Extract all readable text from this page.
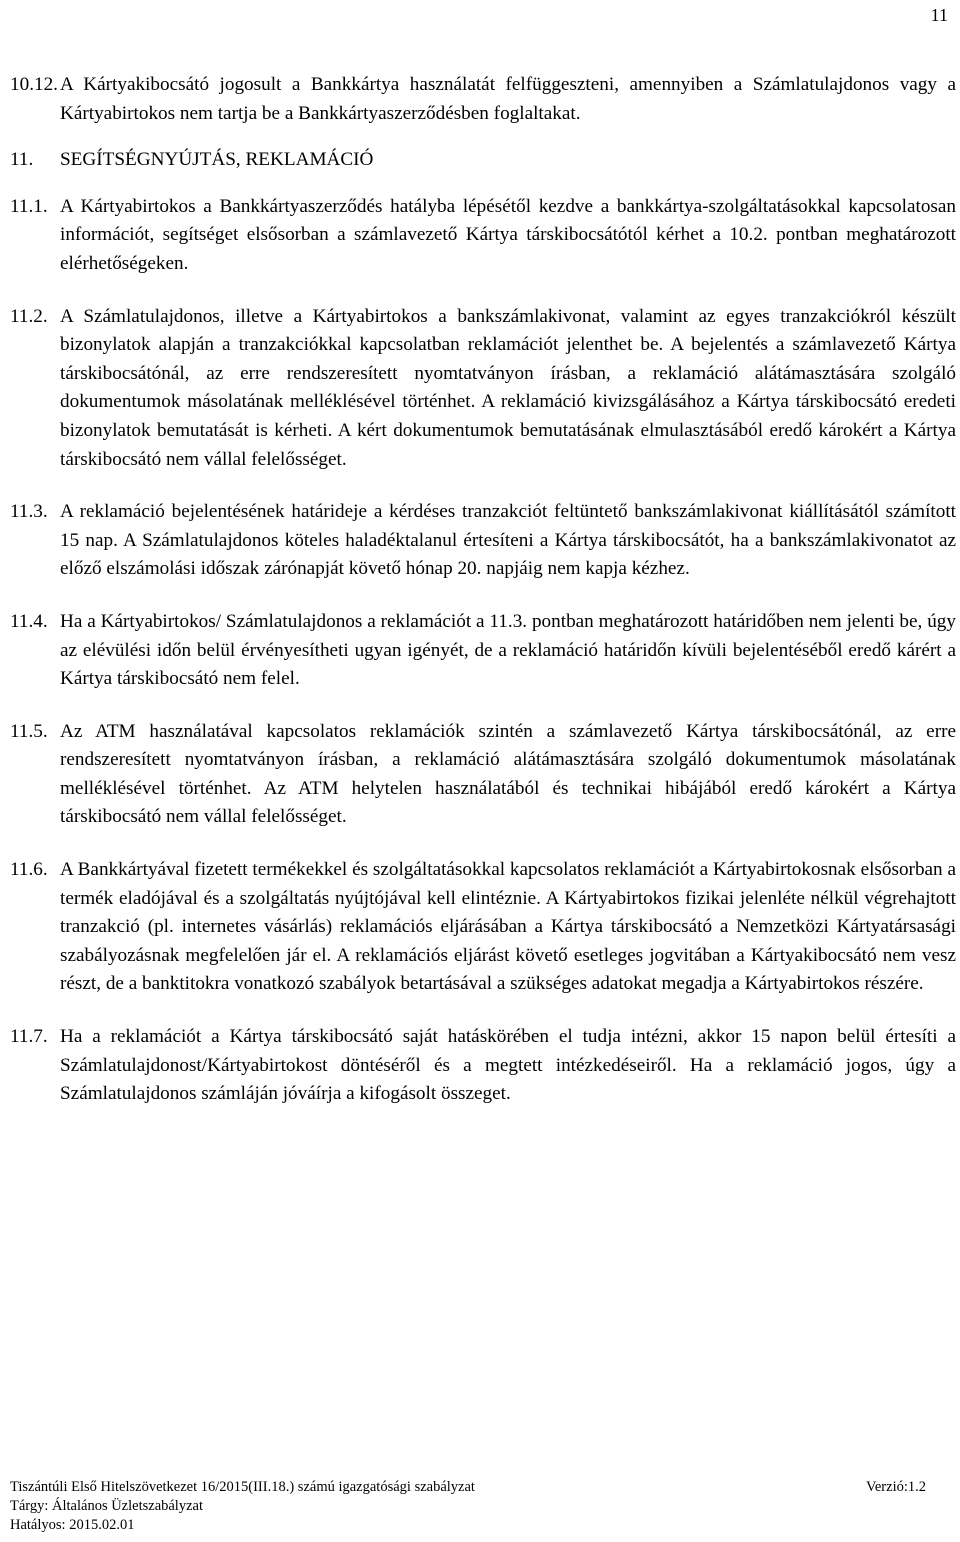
11
10.12. A Kártyakibocsátó jogosult a Bankkártya használatát felfüggeszteni, amennyiben a Számlatulajdonos vagy a Kártyabirtokos nem tartja be a Bankkártyaszerződésben foglaltakat.
11.	SEGÍTSÉGNYÚJTÁS, REKLAMÁCIÓ
11.1. A Kártyabirtokos a Bankkártyaszerződés hatályba lépésétől kezdve a bankkártya-szolgáltatásokkal kapcsolatosan információt, segítséget elsősorban a számlavezető Kártya társkibocsátótól kérhet a 10.2. pontban meghatározott elérhetőségeken.
11.2. A Számlatulajdonos, illetve a Kártyabirtokos a bankszámlakivonat, valamint az egyes tranzakciókról készült bizonylatok alapján a tranzakciókkal kapcsolatban reklamációt jelenthet be. A bejelentés a számlavezető Kártya társkibocsátónál, az erre rendszeresített nyomtatványon írásban, a reklamáció alátámasztására szolgáló dokumentumok másolatának melléklésével történhet. A reklamáció kivizsgálásához a Kártya társkibocsátó eredeti bizonylatok bemutatását is kérheti. A kért dokumentumok bemutatásának elmulasztásából eredő károkért a Kártya társkibocsátó nem vállal felelősséget.
11.3. A reklamáció bejelentésének határideje a kérdéses tranzakciót feltüntető bankszámlakivonat kiállításától számított 15 nap. A Számlatulajdonos köteles haladéktalanul értesíteni a Kártya társkibocsátót, ha a bankszámlakivonatot az előző elszámolási időszak zárónapját követő hónap 20. napjáig nem kapja kézhez.
11.4. Ha a Kártyabirtokos/ Számlatulajdonos a reklamációt a 11.3. pontban meghatározott határidőben nem jelenti be, úgy az elévülési időn belül érvényesítheti ugyan igényét, de a reklamáció határidőn kívüli bejelentéséből eredő kárért a Kártya társkibocsátó nem felel.
11.5. Az ATM használatával kapcsolatos reklamációk szintén a számlavezető Kártya társkibocsátónál, az erre rendszeresített nyomtatványon írásban, a reklamáció alátámasztására szolgáló dokumentumok másolatának melléklésével történhet. Az ATM helytelen használatából és technikai hibájából eredő károkért a Kártya társkibocsátó nem vállal felelősséget.
11.6. A Bankkártyával fizetett termékekkel és szolgáltatásokkal kapcsolatos reklamációt a Kártyabirtokosnak elsősorban a termék eladójával és a szolgáltatás nyújtójával kell elintéznie. A Kártyabirtokos fizikai jelenléte nélkül végrehajtott tranzakció (pl. internetes vásárlás) reklamációs eljárásában a Kártya társkibocsátó a Nemzetközi Kártyatársasági szabályozásnak megfelelően jár el. A reklamációs eljárást követő esetleges jogvitában a Kártyakibocsátó nem vesz részt, de a banktitokra vonatkozó szabályok betartásával a szükséges adatokat megadja a Kártyabirtokos részére.
11.7. Ha a reklamációt a Kártya társkibocsátó saját hatáskörében el tudja intézni, akkor 15 napon belül értesíti a Számlatulajdonost/Kártyabirtokost döntéséről és a megtett intézkedéseiről. Ha a reklamáció jogos, úgy a Számlatulajdonos számláján jóváírja a kifogásolt összeget.
Tiszántúli Első Hitelszövetkezet 16/2015(III.18.) számú igazgatósági szabályzat	Verzió:1.2
Tárgy: Általános Üzletszabályzat
Hatályos: 2015.02.01
